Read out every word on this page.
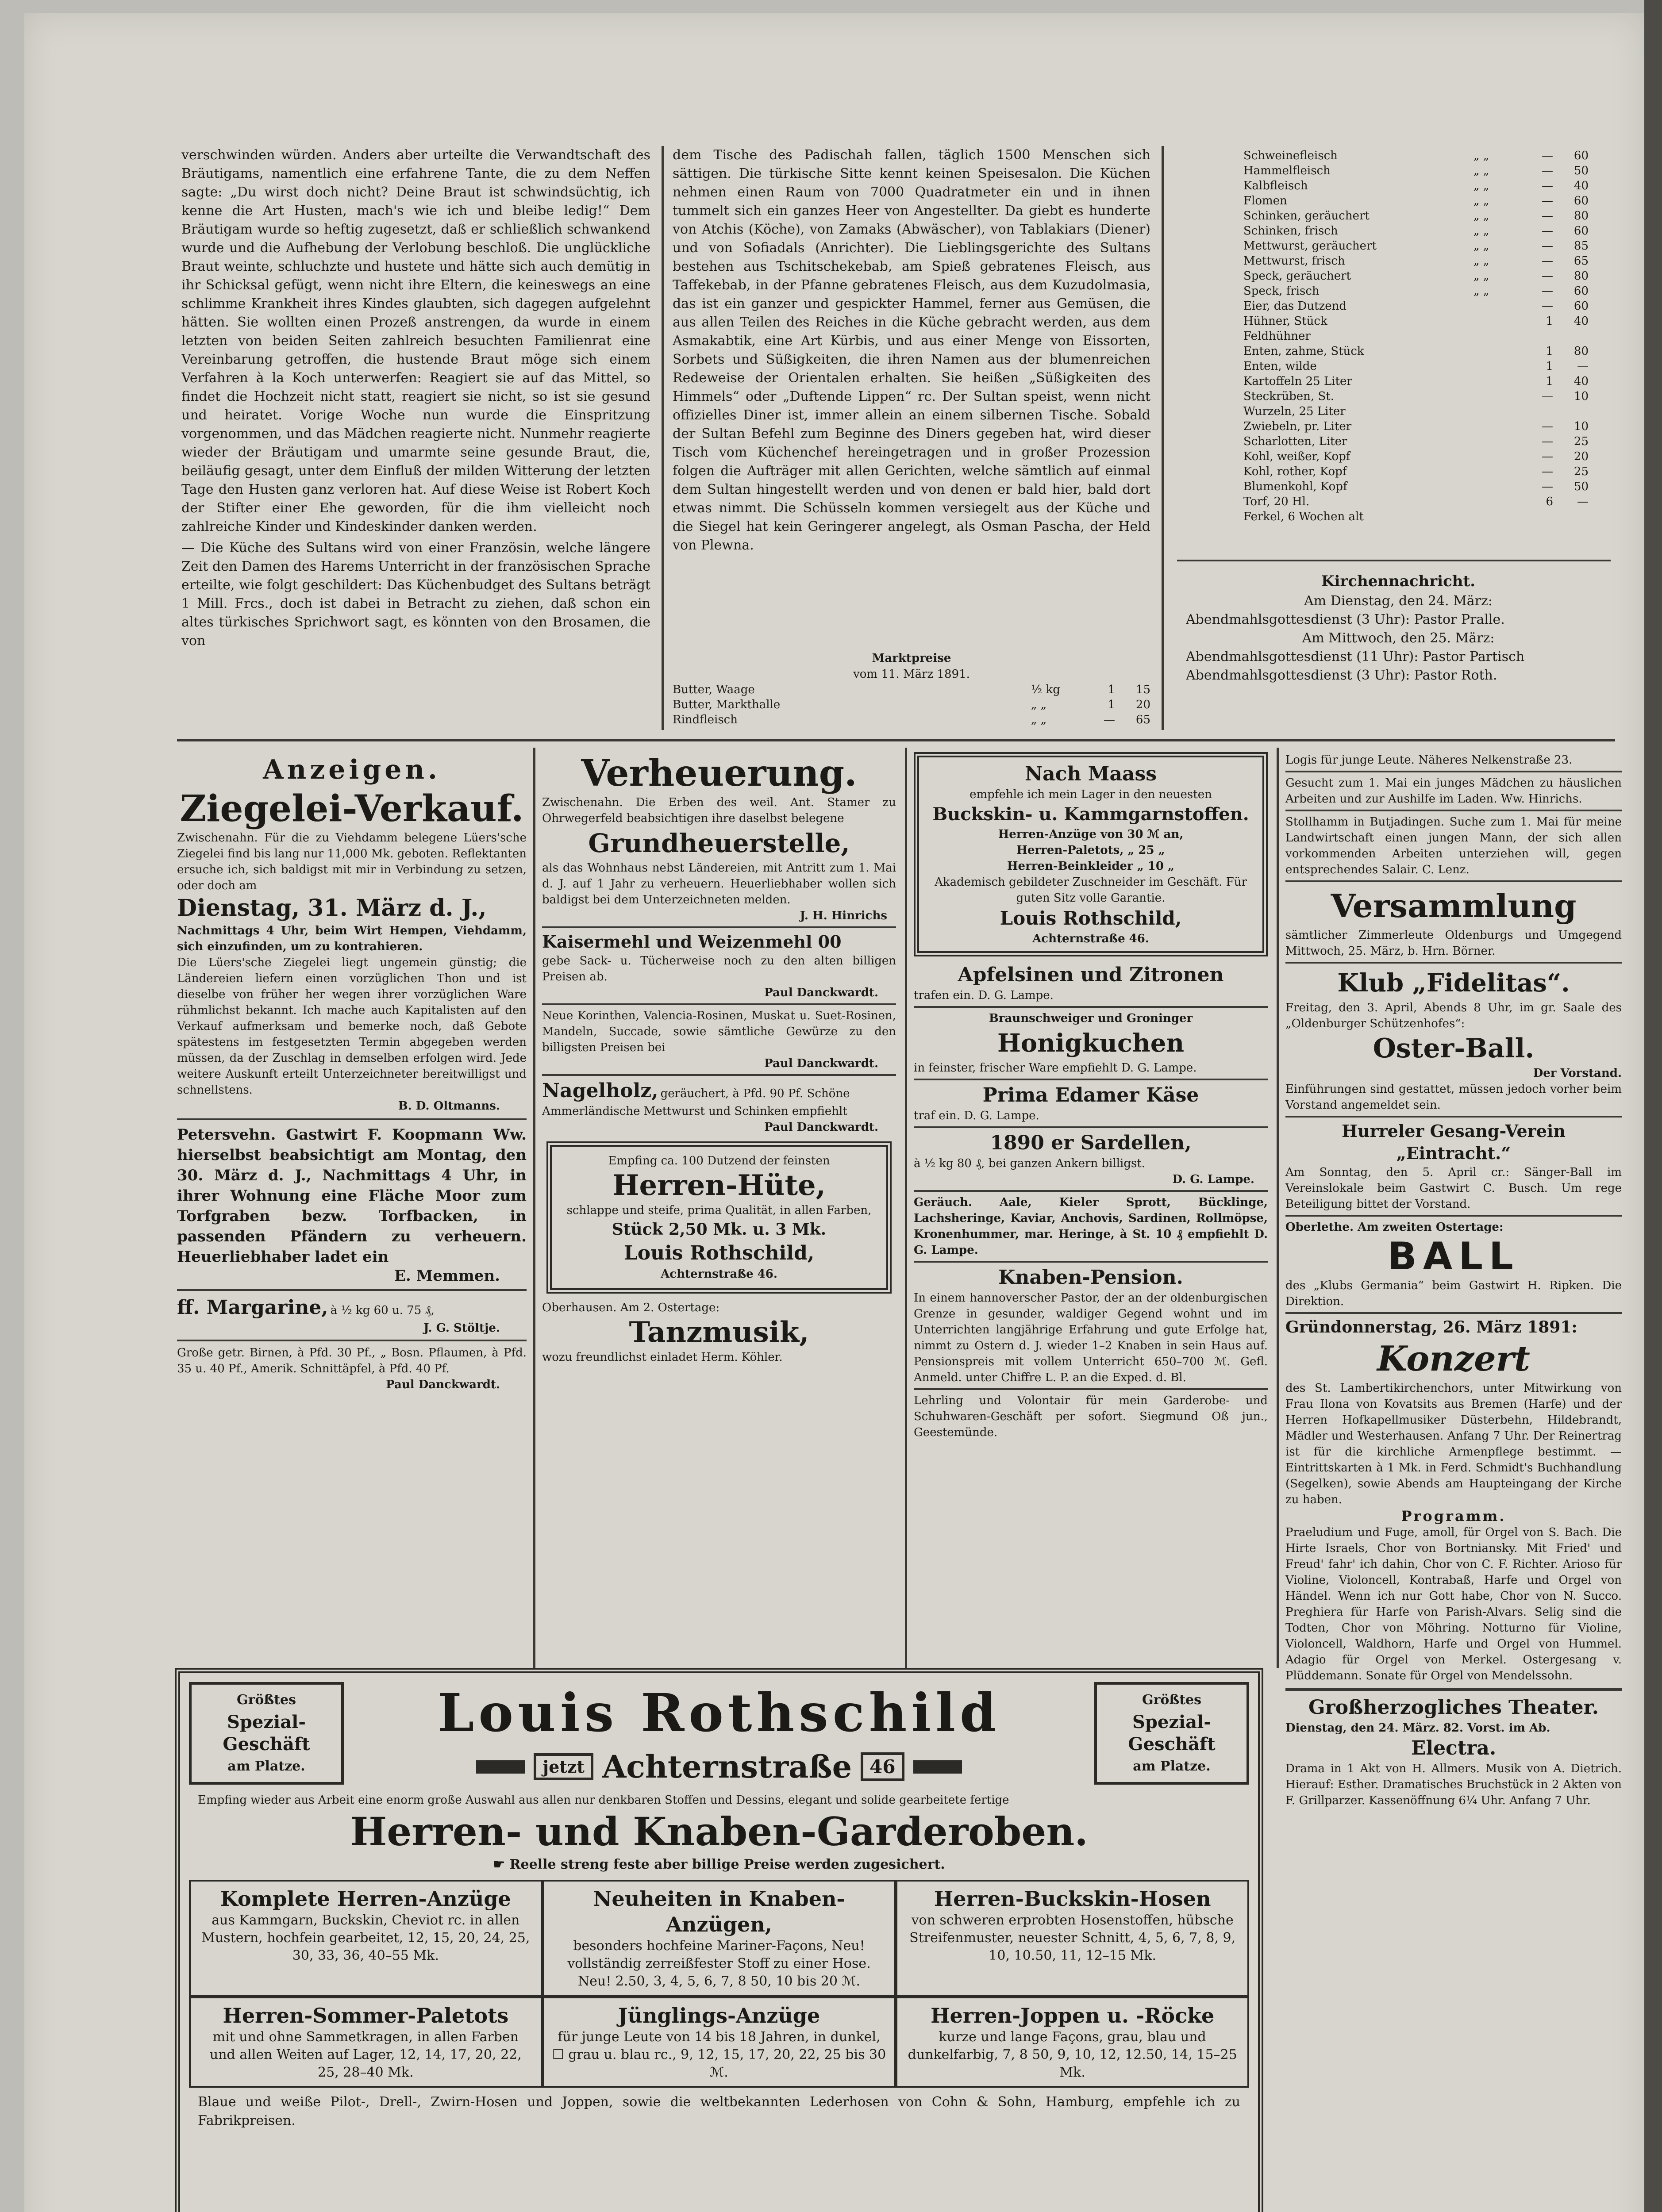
verschwinden würden. Anders aber urteilte die Verwandtschaft des Bräutigams, namentlich eine erfahrene Tante, die zu dem Neffen sagte: „Du wirst doch nicht? Deine Braut ist schwindsüchtig, ich kenne die Art Husten, mach's wie ich und bleibe ledig!“ Dem Bräutigam wurde so heftig zugesetzt, daß er schließlich schwankend wurde und die Aufhebung der Verlobung beschloß. Die unglückliche Braut weinte, schluchzte und hustete und hätte sich auch demütig in ihr Schicksal gefügt, wenn nicht ihre Eltern, die keineswegs an eine schlimme Krankheit ihres Kindes glaubten, sich dagegen aufgelehnt hätten. Sie wollten einen Prozeß anstrengen, da wurde in einem letzten von beiden Seiten zahlreich besuchten Familienrat eine Vereinbarung getroffen, die hustende Braut möge sich einem Verfahren à la Koch unterwerfen: Reagiert sie auf das Mittel, so findet die Hochzeit nicht statt, reagiert sie nicht, so ist sie gesund und heiratet. Vorige Woche nun wurde die Einspritzung vorgenommen, und das Mädchen reagierte nicht. Nunmehr reagierte wieder der Bräutigam und umarmte seine gesunde Braut, die, beiläufig gesagt, unter dem Einfluß der milden Witterung der letzten Tage den Husten ganz verloren hat. Auf diese Weise ist Robert Koch der Stifter einer Ehe geworden, für die ihm vielleicht noch zahlreiche Kinder und Kindeskinder danken werden.

— Die Küche des Sultans wird von einer Französin, welche längere Zeit den Damen des Harems Unterricht in der französischen Sprache erteilte, wie folgt geschildert: Das Küchenbudget des Sultans beträgt 1 Mill. Frcs., doch ist dabei in Betracht zu ziehen, daß schon ein altes türkisches Sprichwort sagt, es könnten von den Brosamen, die von

dem Tische des Padischah fallen, täglich 1500 Menschen sich sättigen. Die türkische Sitte kennt keinen Speisesalon. Die Küchen nehmen einen Raum von 7000 Quadratmeter ein und in ihnen tummelt sich ein ganzes Heer von Angestellter. Da giebt es hunderte von Atchis (Köche), von Zamaks (Abwäscher), von Tablakiars (Diener) und von Sofiadals (Anrichter). Die Lieblingsgerichte des Sultans bestehen aus Tschitschekebab, am Spieß gebratenes Fleisch, aus Taffekebab, in der Pfanne gebratenes Fleisch, aus dem Kuzudolmasia, das ist ein ganzer und gespickter Hammel, ferner aus Gemüsen, die aus allen Teilen des Reiches in die Küche gebracht werden, aus dem Asmakabtik, eine Art Kürbis, und aus einer Menge von Eissorten, Sorbets und Süßigkeiten, die ihren Namen aus der blumenreichen Redeweise der Orientalen erhalten. Sie heißen „Süßigkeiten des Himmels“ oder „Duftende Lippen“ rc. Der Sultan speist, wenn nicht offizielles Diner ist, immer allein an einem silbernen Tische. Sobald der Sultan Befehl zum Beginne des Diners gegeben hat, wird dieser Tisch vom Küchenchef hereingetragen und in großer Prozession folgen die Aufträger mit allen Gerichten, welche sämtlich auf einmal dem Sultan hingestellt werden und von denen er bald hier, bald dort etwas nimmt. Die Schüsseln kommen versiegelt aus der Küche und die Siegel hat kein Geringerer angelegt, als Osman Pascha, der Held von Plewna.

Marktpreise
vom 11. März 1891.
Butter, Waage	½ kg	1	15
Butter, Markthalle	„ „	1	20
Rindfleisch	„ „	—	65
Schweinefleisch	„ „	—	60
Hammelfleisch	„ „	—	50
Kalbfleisch	„ „	—	40
Flomen	„ „	—	60
Schinken, geräuchert	„ „	—	80
Schinken, frisch	„ „	—	60
Mettwurst, geräuchert	„ „	—	85
Mettwurst, frisch	„ „	—	65
Speck, geräuchert	„ „	—	80
Speck, frisch	„ „	—	60
Eier, das Dutzend	—	60
Hühner, Stück	1	40
Feldhühner
Enten, zahme, Stück	1	80
Enten, wilde	1	—
Kartoffeln 25 Liter	1	40
Steckrüben, St.	—	10
Wurzeln, 25 Liter
Zwiebeln, pr. Liter	—	10
Scharlotten, Liter	—	25
Kohl, weißer, Kopf	—	20
Kohl, rother, Kopf	—	25
Blumenkohl, Kopf	—	50
Torf, 20 Hl.	6	—
Ferkel, 6 Wochen alt
Kirchennachricht.
Am Dienstag, den 24. März:
Abendmahlsgottesdienst (3 Uhr): Pastor Pralle.
Am Mittwoch, den 25. März:
Abendmahlsgottesdienst (11 Uhr): Pastor Partisch
Abendmahlsgottesdienst (3 Uhr): Pastor Roth.
Anzeigen.
Ziegelei-Verkauf.
Zwischenahn. Für die zu Viehdamm belegene Lüers'sche Ziegelei find bis lang nur 11,000 Mk. geboten. Reflektanten ersuche ich, sich baldigst mit mir in Verbindung zu setzen, oder doch am
Dienstag, 31. März d. J.,
Nachmittags 4 Uhr, beim Wirt Hempen, Viehdamm, sich einzufinden, um zu kontrahieren.
Die Lüers'sche Ziegelei liegt ungemein günstig; die Ländereien liefern einen vorzüglichen Thon und ist dieselbe von früher her wegen ihrer vorzüglichen Ware rühmlichst bekannt. Ich mache auch Kapitalisten auf den Verkauf aufmerksam und bemerke noch, daß Gebote spätestens im festgesetzten Termin abgegeben werden müssen, da der Zuschlag in demselben erfolgen wird. Jede weitere Auskunft erteilt Unterzeichneter bereitwilligst und schnellstens.
B. D. Oltmanns.
Petersvehn. Gastwirt F. Koopmann Ww. hierselbst beabsichtigt am Montag, den 30. März d. J., Nachmittags 4 Uhr, in ihrer Wohnung eine Fläche Moor zum Torfgraben bezw. Torfbacken, in passenden Pfändern zu verheuern. Heuerliebhaber ladet ein
E. Memmen.
ff. Margarine, à ½ kg 60 u. 75 ₰,
J. G. Stöltje.
Große getr. Birnen, à Pfd. 30 Pf., „ Bosn. Pflaumen, à Pfd. 35 u. 40 Pf., Amerik. Schnittäpfel, à Pfd. 40 Pf.
Paul Danckwardt.
Verheuerung.
Zwischenahn. Die Erben des weil. Ant. Stamer zu Ohrwegerfeld beabsichtigen ihre daselbst belegene
Grundheuerstelle,
als das Wohnhaus nebst Ländereien, mit Antritt zum 1. Mai d. J. auf 1 Jahr zu verheuern. Heuerliebhaber wollen sich baldigst bei dem Unterzeichneten melden.
J. H. Hinrichs
Kaisermehl und Weizenmehl 00
gebe Sack- u. Tücherweise noch zu den alten billigen Preisen ab.
Paul Danckwardt.
Neue Korinthen, Valencia-Rosinen, Muskat u. Suet-Rosinen, Mandeln, Succade, sowie sämtliche Gewürze zu den billigsten Preisen bei
Paul Danckwardt.
Nagelholz, geräuchert, à Pfd. 90 Pf. Schöne Ammerländische Mettwurst und Schinken empfiehlt
Paul Danckwardt.
Empfing ca. 100 Dutzend der feinsten
Herren-Hüte,
schlappe und steife, prima Qualität, in allen Farben,
Stück 2,50 Mk. u. 3 Mk.
Louis Rothschild,
Achternstraße 46.
Oberhausen. Am 2. Ostertage:
Tanzmusik,
wozu freundlichst einladet Herm. Köhler.
Nach Maass
empfehle ich mein Lager in den neuesten
Buckskin- u. Kammgarnstoffen.
Herren-Anzüge von 30 ℳ an,
Herren-Paletots, „ 25 „
Herren-Beinkleider „ 10 „
Akademisch gebildeter Zuschneider im Geschäft. Für guten Sitz volle Garantie.
Louis Rothschild,
Achternstraße 46.
Apfelsinen und Zitronen
trafen ein. D. G. Lampe.
Braunschweiger und Groninger
Honigkuchen
in feinster, frischer Ware empfiehlt D. G. Lampe.
Prima Edamer Käse
traf ein. D. G. Lampe.
1890 er Sardellen,
à ½ kg 80 ₰, bei ganzen Ankern billigst.
D. G. Lampe.
Geräuch. Aale, Kieler Sprott, Bücklinge, Lachsheringe, Kaviar, Anchovis, Sardinen, Rollmöpse, Kronenhummer, mar. Heringe, à St. 10 ₰ empfiehlt D. G. Lampe.
Knaben-Pension.
In einem hannoverscher Pastor, der an der oldenburgischen Grenze in gesunder, waldiger Gegend wohnt und im Unterrichten langjährige Erfahrung und gute Erfolge hat, nimmt zu Ostern d. J. wieder 1–2 Knaben in sein Haus auf. Pensionspreis mit vollem Unterricht 650–700 ℳ. Gefl. Anmeld. unter Chiffre L. P. an die Exped. d. Bl.
Lehrling und Volontair für mein Garderobe- und Schuhwaren-Geschäft per sofort. Siegmund Oß jun., Geestemünde.
Logis für junge Leute. Näheres Nelkenstraße 23.
Gesucht zum 1. Mai ein junges Mädchen zu häuslichen Arbeiten und zur Aushilfe im Laden. Ww. Hinrichs.
Stollhamm in Butjadingen. Suche zum 1. Mai für meine Landwirtschaft einen jungen Mann, der sich allen vorkommenden Arbeiten unterziehen will, gegen entsprechendes Salair. C. Lenz.
Versammlung
sämtlicher Zimmerleute Oldenburgs und Umgegend Mittwoch, 25. März, b. Hrn. Börner.
Klub „Fidelitas“.
Freitag, den 3. April, Abends 8 Uhr, im gr. Saale des „Oldenburger Schützenhofes“:
Oster-Ball.
Der Vorstand.
Einführungen sind gestattet, müssen jedoch vorher beim Vorstand angemeldet sein.
Hurreler Gesang-Verein „Eintracht.“
Am Sonntag, den 5. April cr.: Sänger-Ball im Vereinslokale beim Gastwirt C. Busch. Um rege Beteiligung bittet der Vorstand.
Oberlethe. Am zweiten Ostertage:
BALL
des „Klubs Germania“ beim Gastwirt H. Ripken. Die Direktion.
Gründonnerstag, 26. März 1891:
Konzert
des St. Lambertikirchenchors, unter Mitwirkung von Frau Ilona von Kovatsits aus Bremen (Harfe) und der Herren Hofkapellmusiker Düsterbehn, Hildebrandt, Mädler und Westerhausen. Anfang 7 Uhr. Der Reinertrag ist für die kirchliche Armenpflege bestimmt. — Eintrittskarten à 1 Mk. in Ferd. Schmidt's Buchhandlung (Segelken), sowie Abends am Haupteingang der Kirche zu haben.
Programm.
Praeludium und Fuge, amoll, für Orgel von S. Bach. Die Hirte Israels, Chor von Bortniansky. Mit Fried' und Freud' fahr' ich dahin, Chor von C. F. Richter. Arioso für Violine, Violoncell, Kontrabaß, Harfe und Orgel von Händel. Wenn ich nur Gott habe, Chor von N. Succo. Preghiera für Harfe von Parish-Alvars. Selig sind die Todten, Chor von Möhring. Notturno für Violine, Violoncell, Waldhorn, Harfe und Orgel von Hummel. Adagio für Orgel von Merkel. Ostergesang v. Plüddemann. Sonate für Orgel von Mendelssohn.
Großherzogliches Theater.
Dienstag, den 24. März. 82. Vorst. im Ab.
Electra.
Drama in 1 Akt von H. Allmers. Musik von A. Dietrich. Hierauf: Esther. Dramatisches Bruchstück in 2 Akten von F. Grillparzer. Kassenöffnung 6¼ Uhr. Anfang 7 Uhr.
Größtes
Spezial-
Geschäft
am Platze.
Louis Rothschild
jetzt Achternstraße 46
Größtes
Spezial-
Geschäft
am Platze.
Empfing wieder aus Arbeit eine enorm große Auswahl aus allen nur denkbaren Stoffen und Dessins, elegant und solide gearbeitete fertige
Herren- und Knaben-Garderoben.
☛ Reelle streng feste aber billige Preise werden zugesichert.
Komplete Herren-Anzüge
aus Kammgarn, Buckskin, Cheviot rc. in allen Mustern, hochfein gearbeitet, 12, 15, 20, 24, 25, 30, 33, 36, 40–55 Mk.
Neuheiten in Knaben-Anzügen,
besonders hochfeine Mariner-Façons, Neu! vollständig zerreißfester Stoff zu einer Hose. Neu! 2.50, 3, 4, 5, 6, 7, 8 50, 10 bis 20 ℳ.
Herren-Buckskin-Hosen
von schweren erprobten Hosenstoffen, hübsche Streifenmuster, neuester Schnitt, 4, 5, 6, 7, 8, 9, 10, 10.50, 11, 12–15 Mk.
Herren-Sommer-Paletots
mit und ohne Sammetkragen, in allen Farben und allen Weiten auf Lager, 12, 14, 17, 20, 22, 25, 28–40 Mk.
Jünglings-Anzüge
für junge Leute von 14 bis 18 Jahren, in dunkel, ☐ grau u. blau rc., 9, 12, 15, 17, 20, 22, 25 bis 30 ℳ.
Herren-Joppen u. -Röcke
kurze und lange Façons, grau, blau und dunkelfarbig, 7, 8 50, 9, 10, 12, 12.50, 14, 15–25 Mk.
Blaue und weiße Pilot-, Drell-, Zwirn-Hosen und Joppen, sowie die weltbekannten Lederhosen von Cohn & Sohn, Hamburg, empfehle ich zu Fabrikpreisen.
